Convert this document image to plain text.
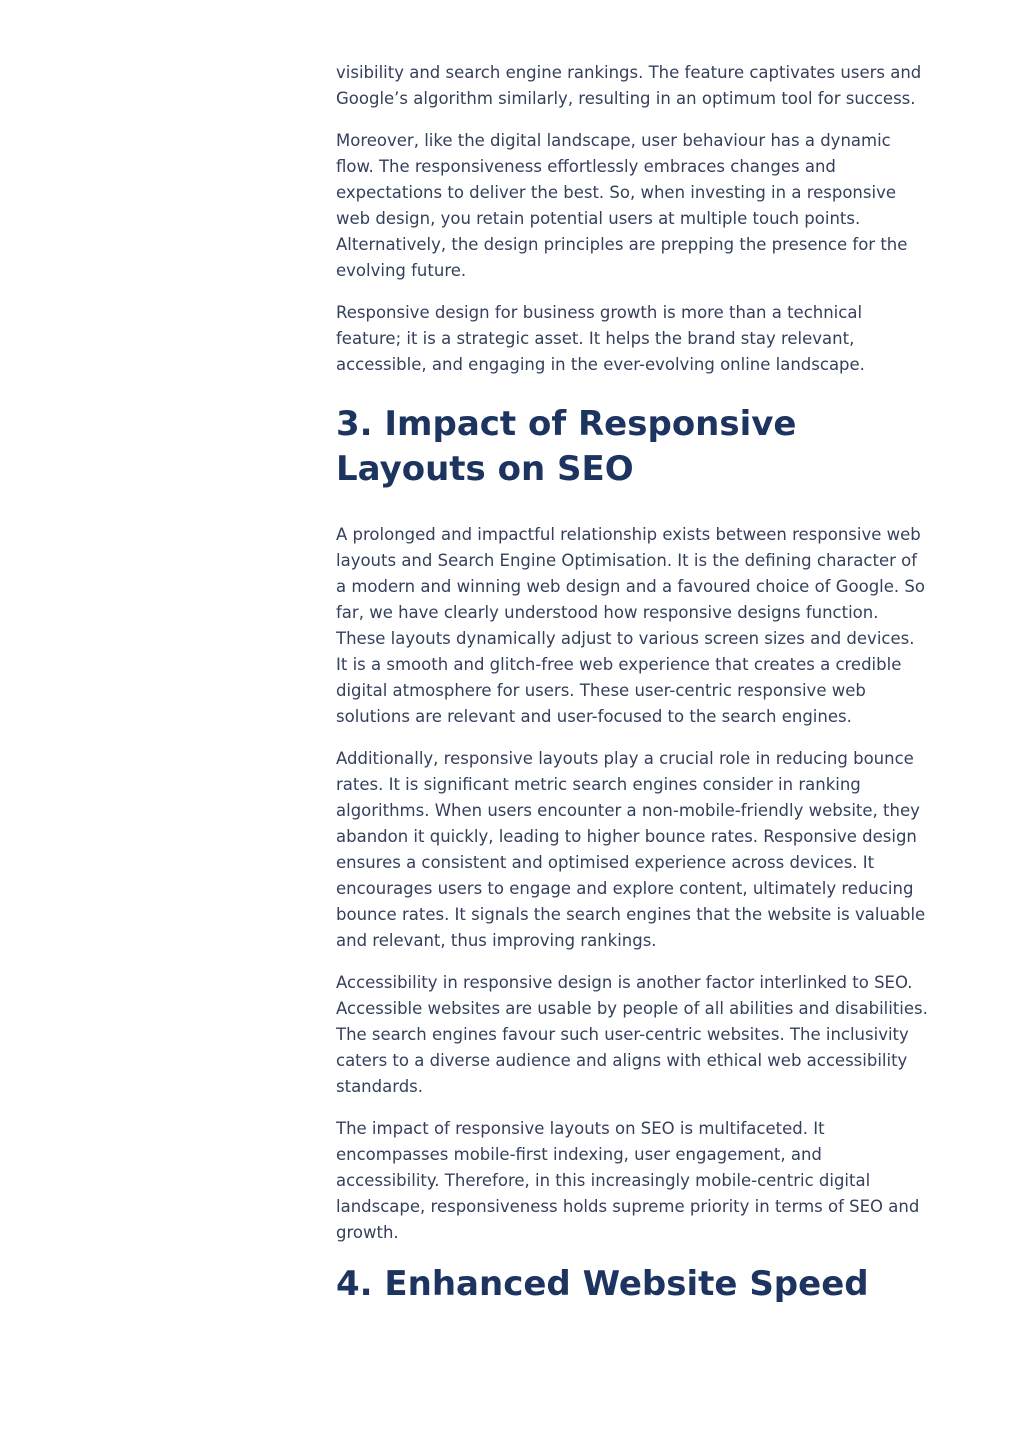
visibility and search engine rankings. The feature captivates users and Google’s algorithm similarly, resulting in an optimum tool for success.

Moreover, like the digital landscape, user behaviour has a dynamic flow. The responsiveness effortlessly embraces changes and expectations to deliver the best. So, when investing in a responsive web design, you retain potential users at multiple touch points. Alternatively, the design principles are prepping the presence for the evolving future.

Responsive design for business growth is more than a technical feature; it is a strategic asset. It helps the brand stay relevant, accessible, and engaging in the ever-evolving online landscape.

3. Impact of Responsive Layouts on SEO

A prolonged and impactful relationship exists between responsive web layouts and Search Engine Optimisation. It is the defining character of a modern and winning web design and a favoured choice of Google. So far, we have clearly understood how responsive designs function. These layouts dynamically adjust to various screen sizes and devices. It is a smooth and glitch-free web experience that creates a credible digital atmosphere for users. These user-centric responsive web solutions are relevant and user-focused to the search engines.

Additionally, responsive layouts play a crucial role in reducing bounce rates. It is significant metric search engines consider in ranking algorithms. When users encounter a non-mobile-friendly website, they abandon it quickly, leading to higher bounce rates. Responsive design ensures a consistent and optimised experience across devices. It encourages users to engage and explore content, ultimately reducing bounce rates. It signals the search engines that the website is valuable and relevant, thus improving rankings.

Accessibility in responsive design is another factor interlinked to SEO. Accessible websites are usable by people of all abilities and disabilities. The search engines favour such user-centric websites. The inclusivity caters to a diverse audience and aligns with ethical web accessibility standards.

The impact of responsive layouts on SEO is multifaceted. It encompasses mobile-first indexing, user engagement, and accessibility. Therefore, in this increasingly mobile-centric digital landscape, responsiveness holds supreme priority in terms of SEO and growth.

4. Enhanced Website Speed
